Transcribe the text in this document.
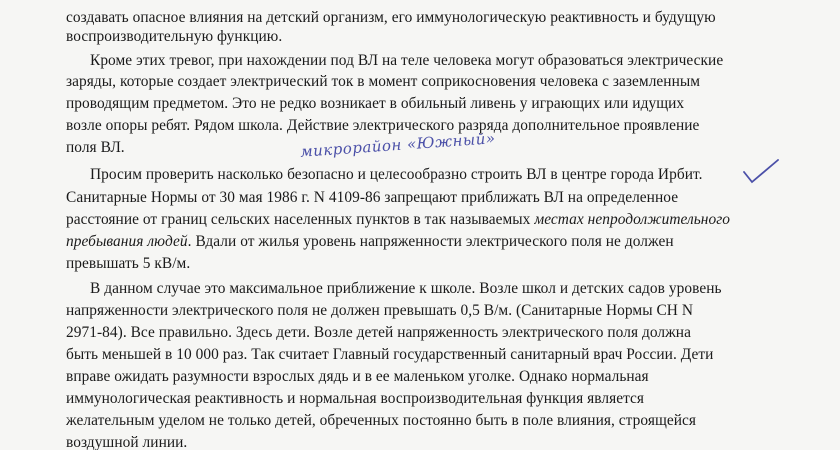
создавать опасное влияния на детский организм, его иммунологическую реактивность и будущую
воспроизводительную функцию.
Кроме этих тревог, при нахождении под ВЛ на теле человека могут образоваться электрические
заряды, которые создает электрический ток в момент соприкосновения человека с заземленным
проводящим предметом. Это не редко возникает в обильный ливень у играющих или идущих
возле опоры ребят. Рядом школа. Действие электрического разряда дополнительное проявление
поля ВЛ.	микрорайон «Южный»
Просим проверить насколько безопасно и целесообразно строить ВЛ в центре города Ирбит.
Санитарные Нормы от 30 мая 1986 г. N 4109-86 запрещают приближать ВЛ на определенное
расстояние от границ сельских населенных пунктов в так называемых местах непродолжительного
пребывания людей. Вдали от жилья уровень напряженности электрического поля не должен
превышать 5 кВ/м.
В данном случае это максимальное приближение к школе. Возле школ и детских садов уровень
напряженности электрического поля не должен превышать 0,5 В/м. (Санитарные Нормы СН N
2971-84). Все правильно. Здесь дети. Возле детей напряженность электрического поля должна
быть меньшей в 10 000 раз. Так считает Главный государственный санитарный врач России. Дети
вправе ожидать разумности взрослых дядь и в ее маленьком уголке. Однако нормальная
иммунологическая реактивность и нормальная воспроизводительная функция является
желательным уделом не только детей, обреченных постоянно быть в поле влияния, строящейся
воздушной линии.
